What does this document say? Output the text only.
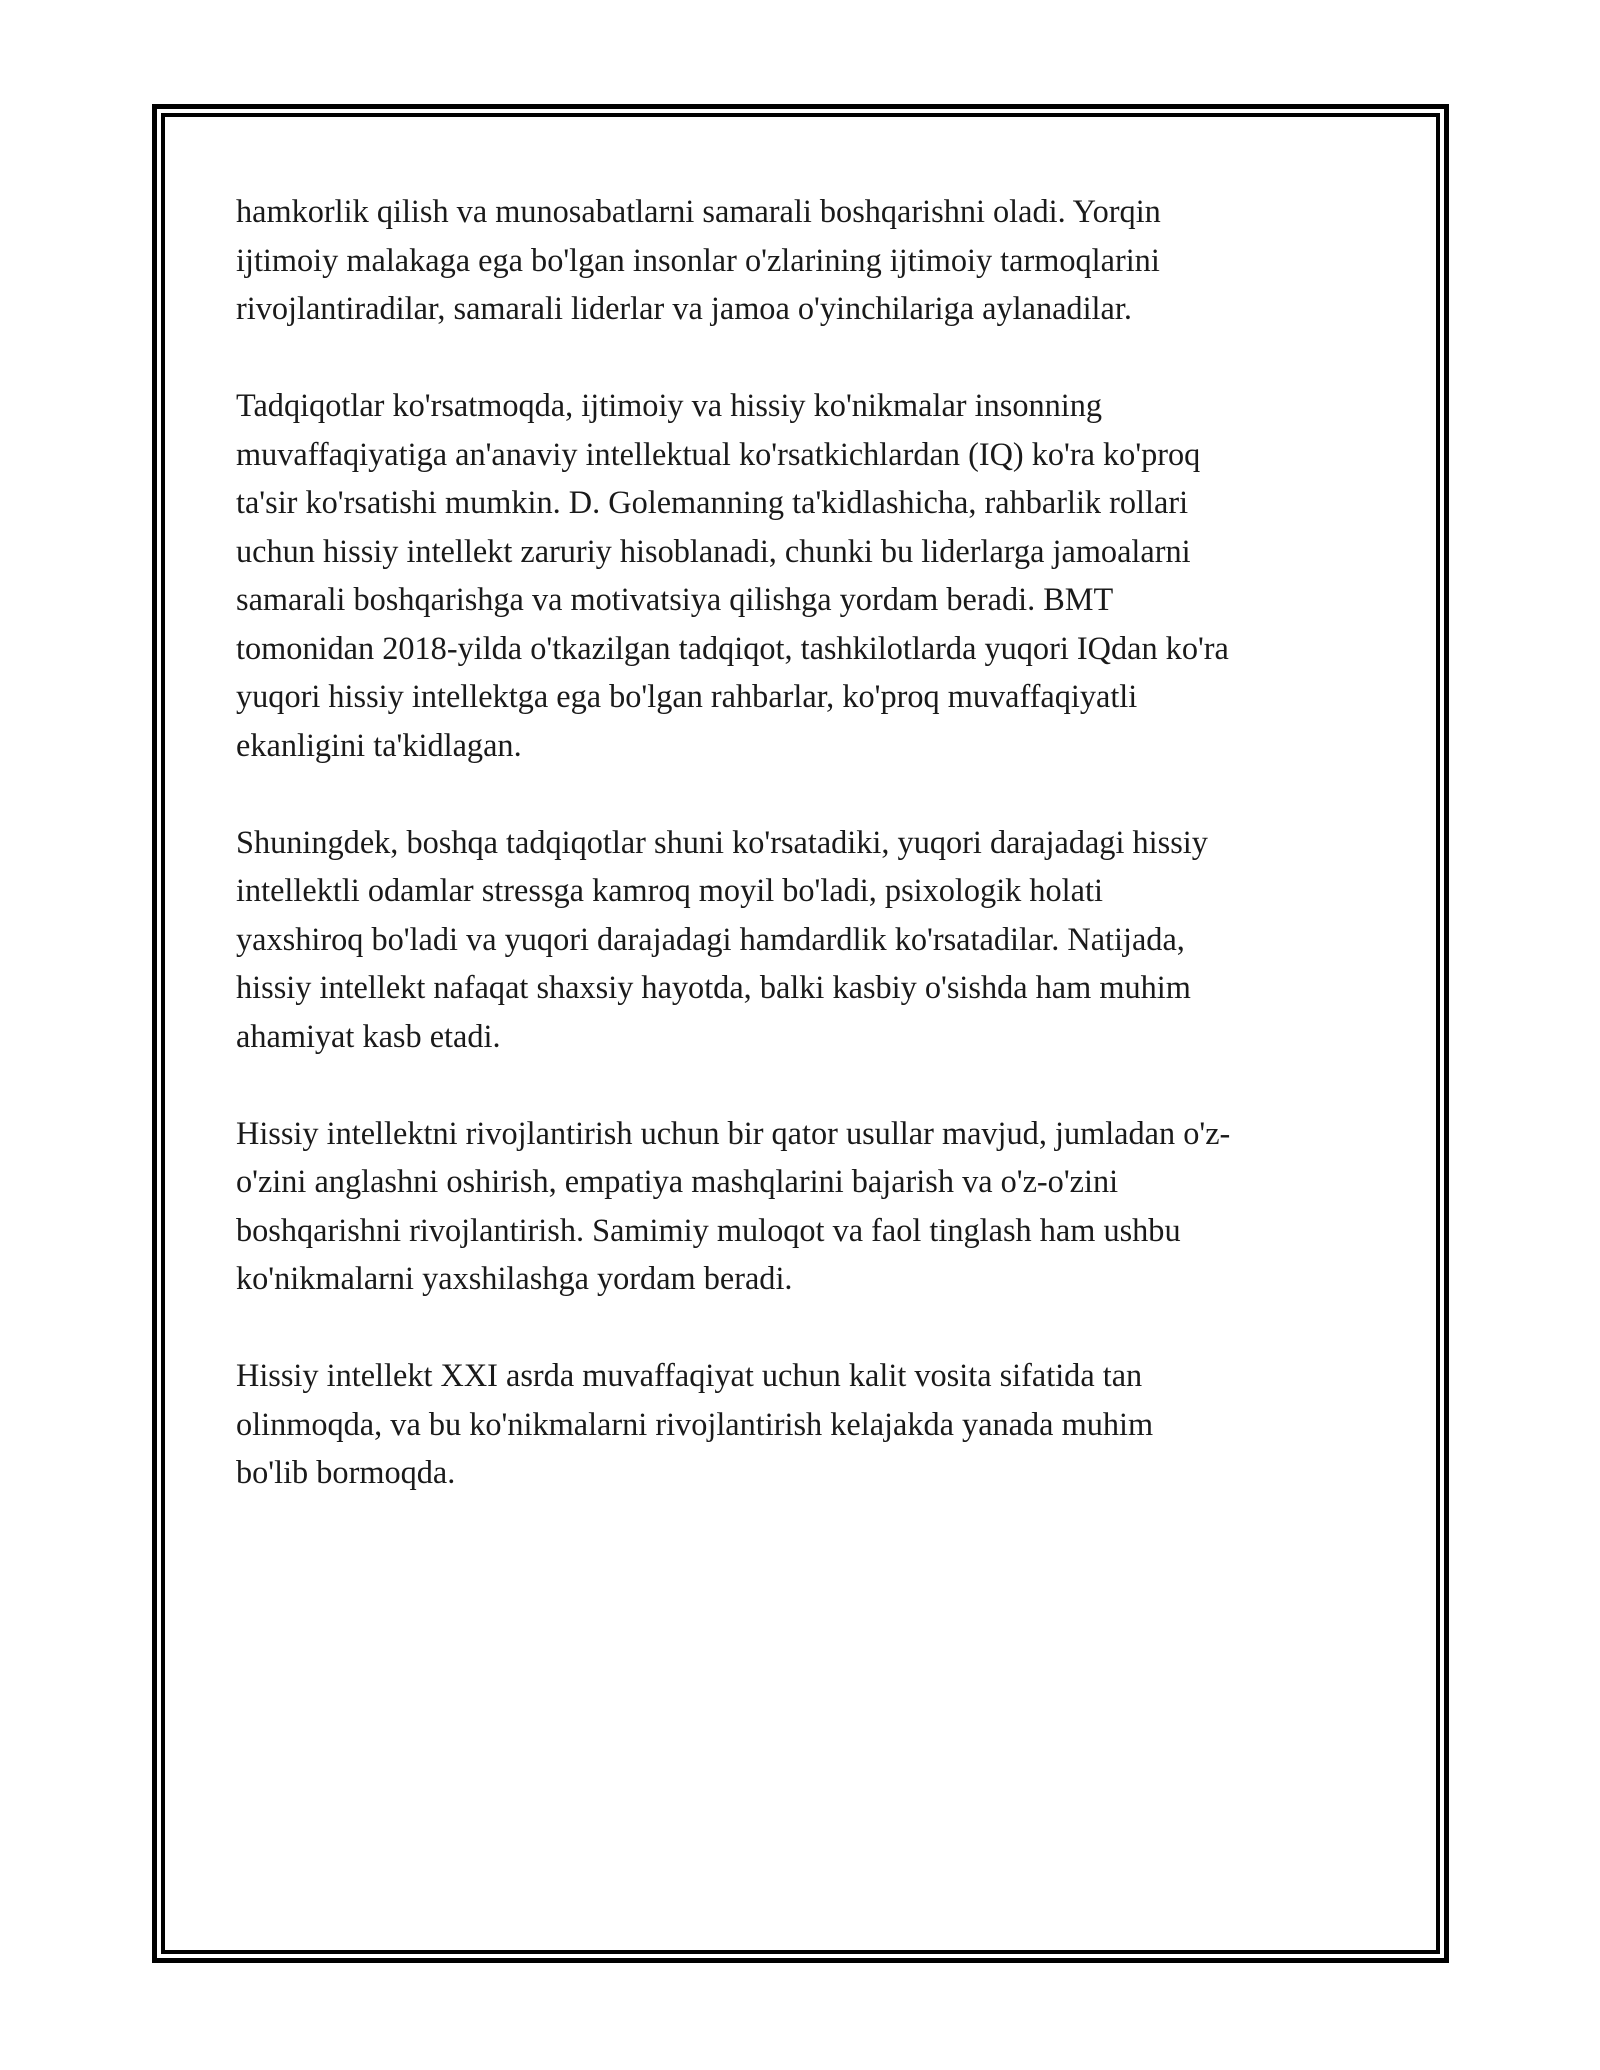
hamkorlik qilish va munosabatlarni samarali boshqarishni oladi. Yorqin
ijtimoiy malakaga ega bo'lgan insonlar o'zlarining ijtimoiy tarmoqlarini
rivojlantiradilar, samarali liderlar va jamoa o'yinchilariga aylanadilar.

Tadqiqotlar ko'rsatmoqda, ijtimoiy va hissiy ko'nikmalar insonning
muvaffaqiyatiga an'anaviy intellektual ko'rsatkichlardan (IQ) ko'ra ko'proq
ta'sir ko'rsatishi mumkin. D. Golemanning ta'kidlashicha, rahbarlik rollari
uchun hissiy intellekt zaruriy hisoblanadi, chunki bu liderlarga jamoalarni
samarali boshqarishga va motivatsiya qilishga yordam beradi. BMT
tomonidan 2018-yilda o'tkazilgan tadqiqot, tashkilotlarda yuqori IQdan ko'ra
yuqori hissiy intellektga ega bo'lgan rahbarlar, ko'proq muvaffaqiyatli
ekanligini ta'kidlagan.

Shuningdek, boshqa tadqiqotlar shuni ko'rsatadiki, yuqori darajadagi hissiy
intellektli odamlar stressga kamroq moyil bo'ladi, psixologik holati
yaxshiroq bo'ladi va yuqori darajadagi hamdardlik ko'rsatadilar. Natijada,
hissiy intellekt nafaqat shaxsiy hayotda, balki kasbiy o'sishda ham muhim
ahamiyat kasb etadi.

Hissiy intellektni rivojlantirish uchun bir qator usullar mavjud, jumladan o'z-
o'zini anglashni oshirish, empatiya mashqlarini bajarish va o'z-o'zini
boshqarishni rivojlantirish. Samimiy muloqot va faol tinglash ham ushbu
ko'nikmalarni yaxshilashga yordam beradi.

Hissiy intellekt XXI asrda muvaffaqiyat uchun kalit vosita sifatida tan
olinmoqda, va bu ko'nikmalarni rivojlantirish kelajakda yanada muhim
bo'lib bormoqda.
